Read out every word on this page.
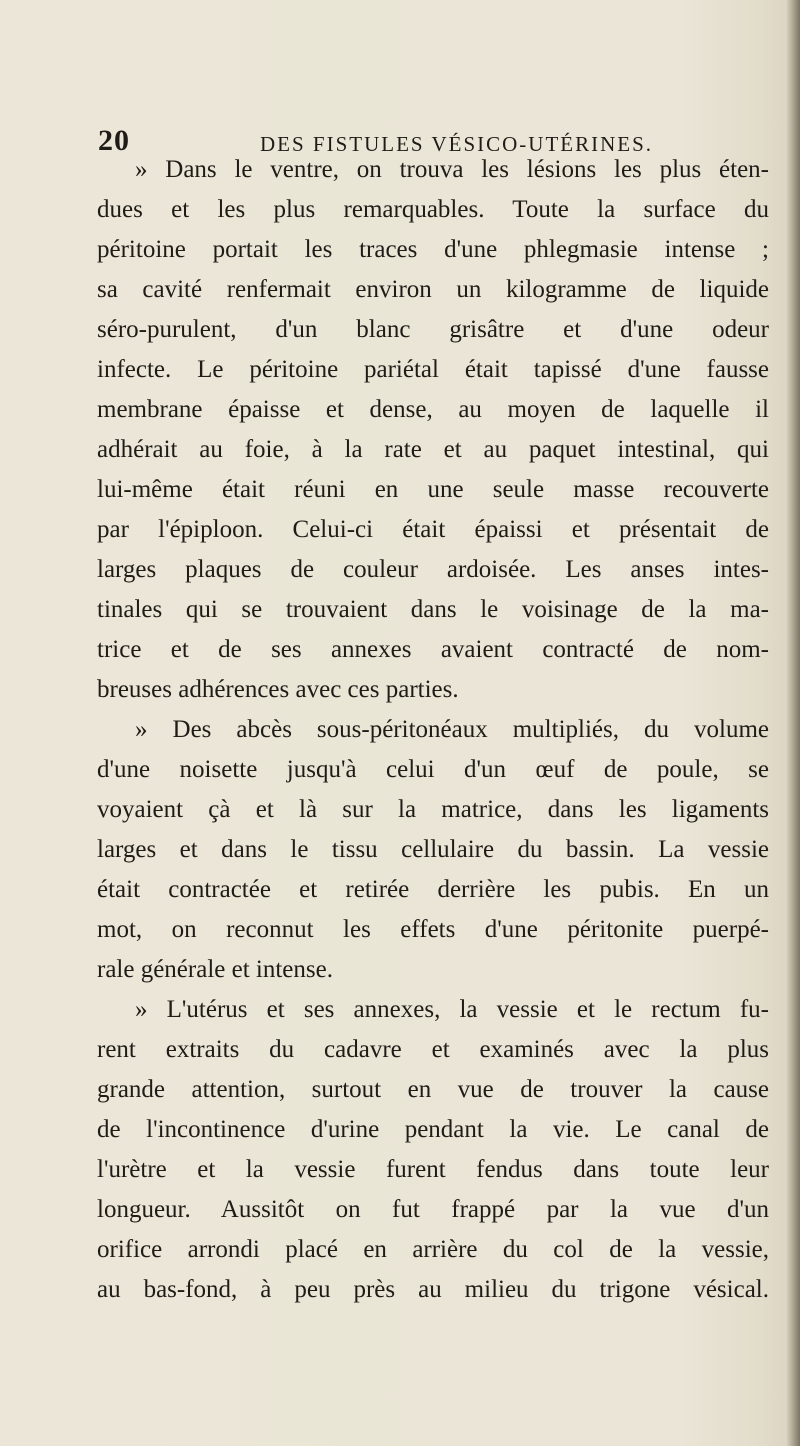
20	DES FISTULES VÉSICO-UTÉRINES.
» Dans le ventre, on trouva les lésions les plus éten-
dues et les plus remarquables. Toute la surface du
péritoine portait les traces d'une phlegmasie intense ;
sa cavité renfermait environ un kilogramme de liquide
séro-purulent, d'un blanc grisâtre et d'une odeur
infecte. Le péritoine pariétal était tapissé d'une fausse
membrane épaisse et dense, au moyen de laquelle il
adhérait au foie, à la rate et au paquet intestinal, qui
lui-même était réuni en une seule masse recouverte
par l'épiploon. Celui-ci était épaissi et présentait de
larges plaques de couleur ardoisée. Les anses intes-
tinales qui se trouvaient dans le voisinage de la ma-
trice et de ses annexes avaient contracté de nom-
breuses adhérences avec ces parties.
» Des abcès sous-péritonéaux multipliés, du volume
d'une noisette jusqu'à celui d'un œuf de poule, se
voyaient çà et là sur la matrice, dans les ligaments
larges et dans le tissu cellulaire du bassin. La vessie
était contractée et retirée derrière les pubis. En un
mot, on reconnut les effets d'une péritonite puerpé-
rale générale et intense.
» L'utérus et ses annexes, la vessie et le rectum fu-
rent extraits du cadavre et examinés avec la plus
grande attention, surtout en vue de trouver la cause
de l'incontinence d'urine pendant la vie. Le canal de
l'urètre et la vessie furent fendus dans toute leur
longueur. Aussitôt on fut frappé par la vue d'un
orifice arrondi placé en arrière du col de la vessie,
au bas-fond, à peu près au milieu du trigone vésical.
